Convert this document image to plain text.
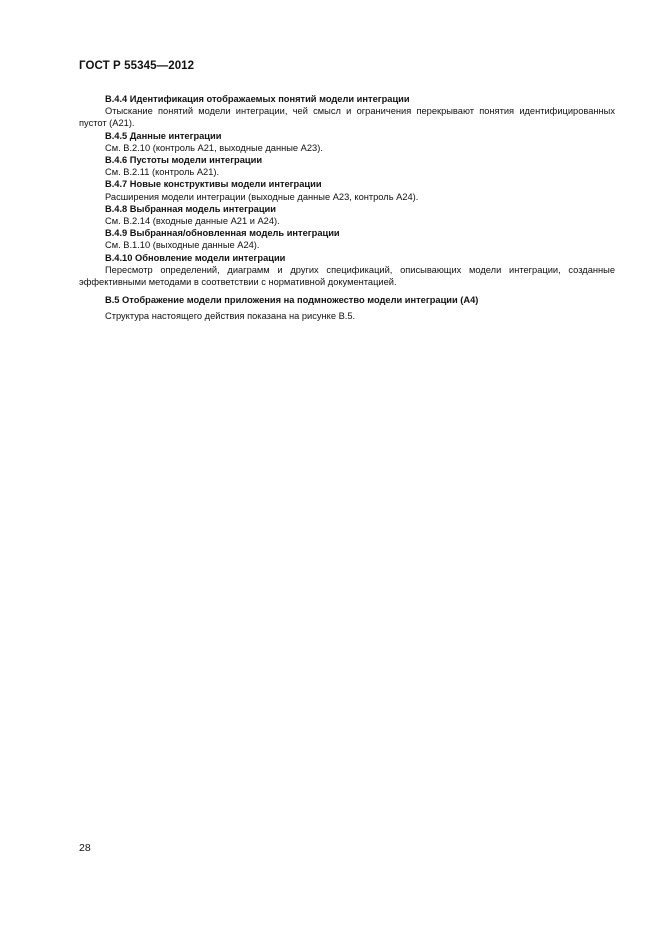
ГОСТ Р 55345—2012
В.4.4 Идентификация отображаемых понятий модели интеграции
Отыскание понятий модели интеграции, чей смысл и ограничения перекрывают понятия идентифицированных пустот (А21).
В.4.5 Данные интеграции
См. В.2.10 (контроль А21, выходные данные А23).
В.4.6 Пустоты модели интеграции
См. В.2.11 (контроль А21).
В.4.7 Новые конструктивы модели интеграции
Расширения модели интеграции (выходные данные А23, контроль А24).
В.4.8 Выбранная модель интеграции
См. В.2.14 (входные данные А21 и А24).
В.4.9 Выбранная/обновленная модель интеграции
См. В.1.10 (выходные данные А24).
В.4.10 Обновление модели интеграции
Пересмотр определений, диаграмм и других спецификаций, описывающих модели интеграции, созданные эффективными методами в соответствии с нормативной документацией.
В.5 Отображение модели приложения на подмножество модели интеграции (А4)
Структура настоящего действия показана на рисунке В.5.
28
